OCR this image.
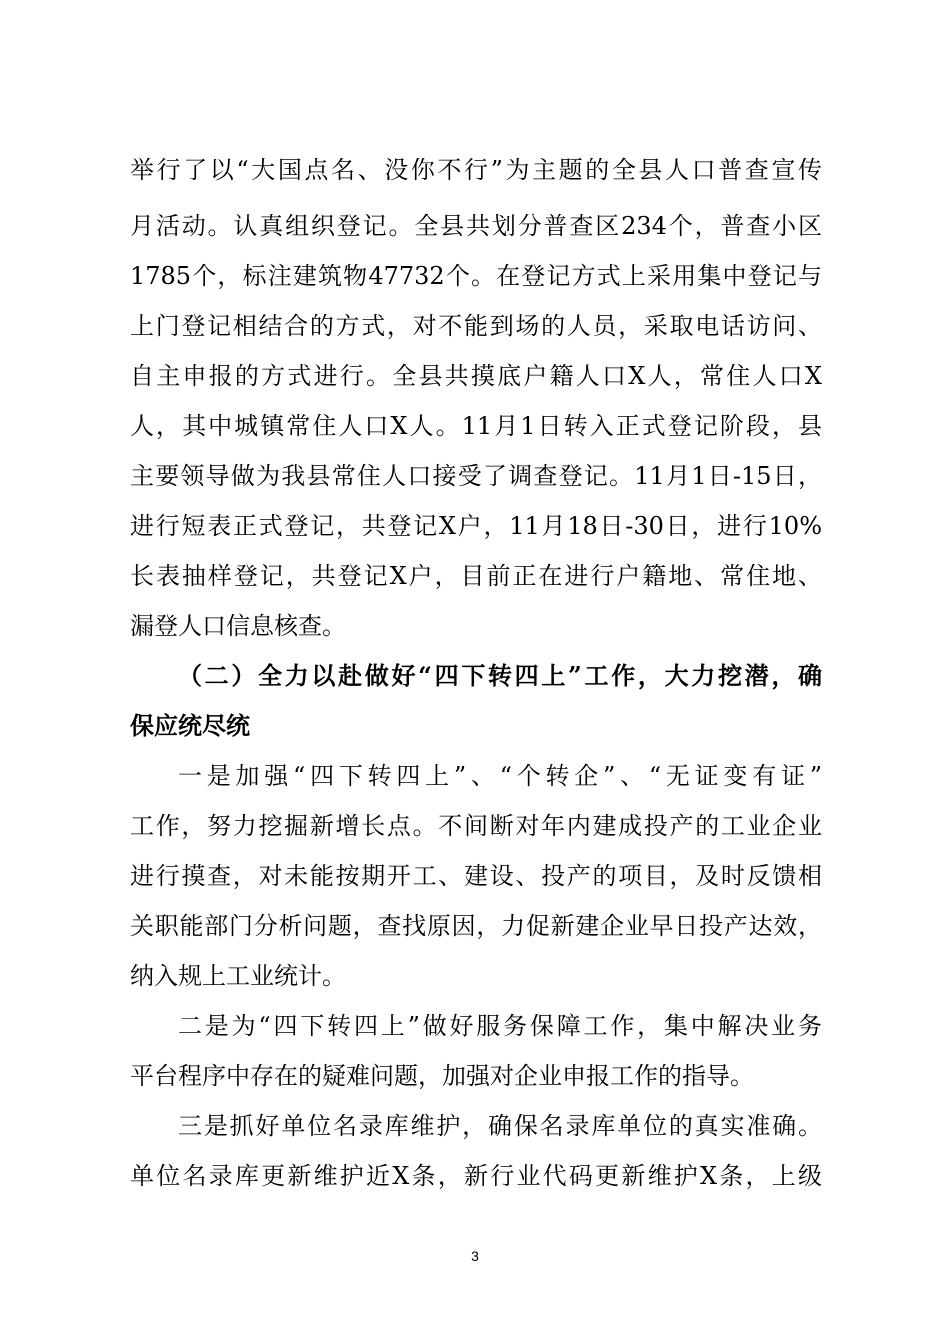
举行了以“大国点名、没你不行”为主题的全县人口普查宣传

月活动。认真组织登记。全县共划分普查区234个，普查小区

1785个，标注建筑物47732个。在登记方式上采用集中登记与

上门登记相结合的方式，对不能到场的人员，采取电话访问、

自主申报的方式进行。全县共摸底户籍人口X人，常住人口X

人，其中城镇常住人口X人。11月1日转入正式登记阶段，县

主要领导做为我县常住人口接受了调查登记。11月1日-15日，

进行短表正式登记，共登记X户，11月18日-30日，进行10%

长表抽样登记，共登记X户，目前正在进行户籍地、常住地、

漏登人口信息核查。

（二）全力以赴做好“四下转四上”工作，大力挖潜，确

保应统尽统

一是加强“四下转四上”、“个转企”、“无证变有证”

工作，努力挖掘新增长点。不间断对年内建成投产的工业企业

进行摸查，对未能按期开工、建设、投产的项目，及时反馈相

关职能部门分析问题，查找原因，力促新建企业早日投产达效，

纳入规上工业统计。

二是为“四下转四上”做好服务保障工作，集中解决业务

平台程序中存在的疑难问题，加强对企业申报工作的指导。

三是抓好单位名录库维护，确保名录库单位的真实准确。

单位名录库更新维护近X条，新行业代码更新维护X条，上级

3
